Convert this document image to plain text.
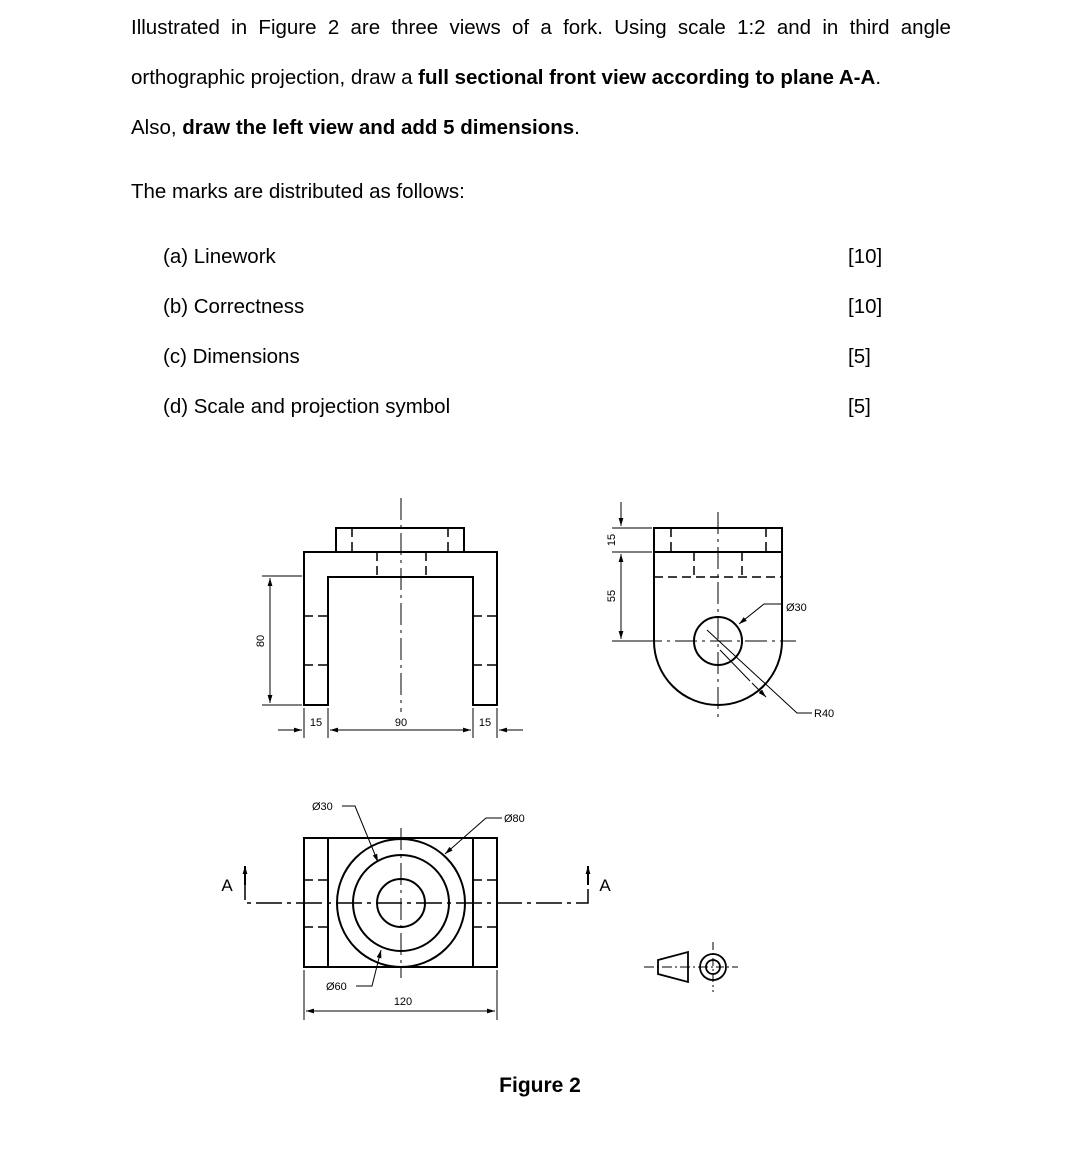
Illustrated in Figure 2 are three views of a fork. Using scale 1:2 and in third angle
orthographic projection, draw a full sectional front view according to plane A-A.
Also, draw the left view and add 5 dimensions.
The marks are distributed as follows:
(a) Linework	[10]
(b) Correctness	[10]
(c) Dimensions	[5]
(d) Scale and projection symbol	[5]
80
15	90	15
15
55
Ø30
R40
A	A
Ø30
Ø80
Ø60
120
Figure 2
